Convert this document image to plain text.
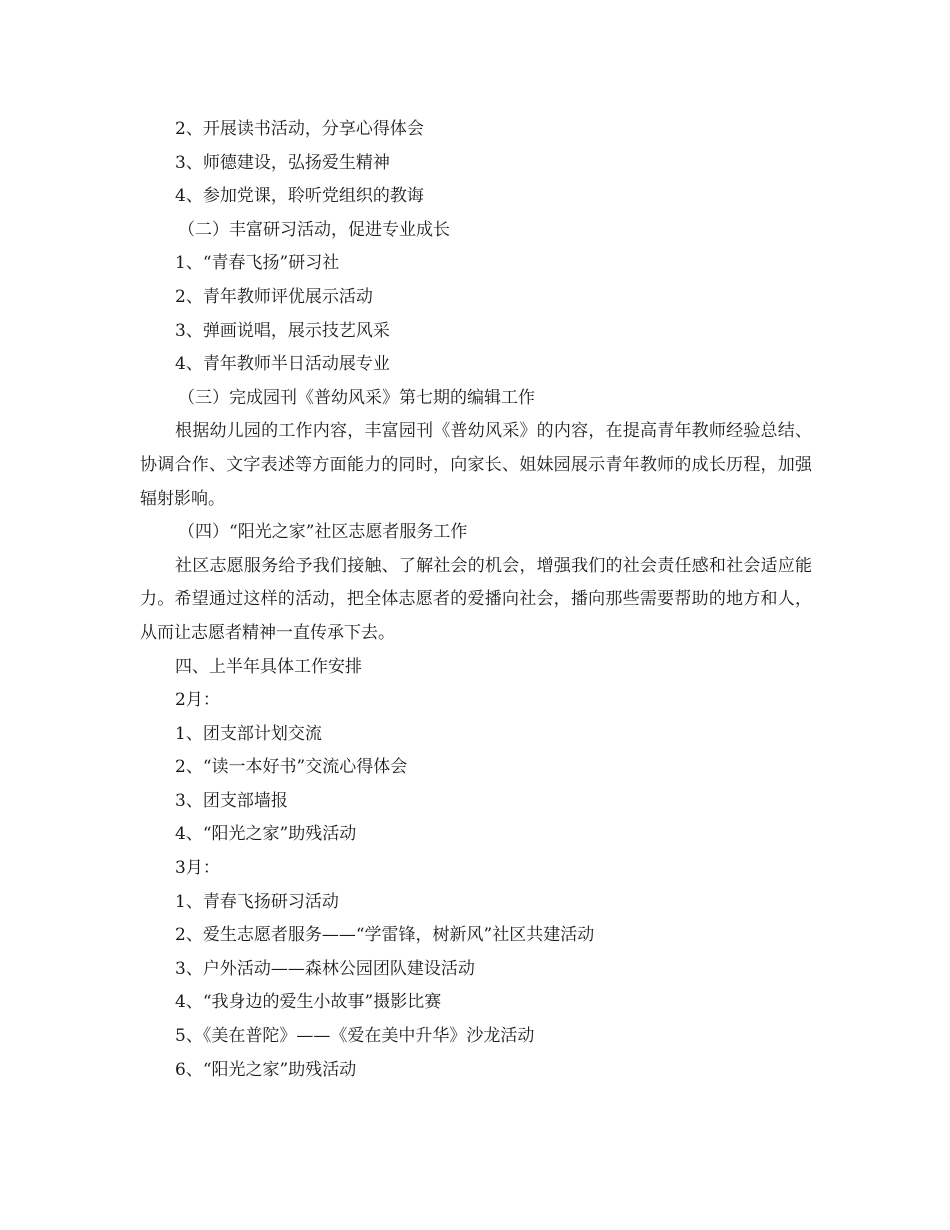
2、开展读书活动，分享心得体会
3、师德建设，弘扬爱生精神
4、参加党课，聆听党组织的教诲
（二）丰富研习活动，促进专业成长
1、“青春飞扬”研习社
2、青年教师评优展示活动
3、弹画说唱，展示技艺风采
4、青年教师半日活动展专业
（三）完成园刊《普幼风采》第七期的编辑工作
根据幼儿园的工作内容，丰富园刊《普幼风采》的内容，在提高青年教师经验总结、协调合作、文字表述等方面能力的同时，向家长、姐妹园展示青年教师的成长历程，加强辐射影响。
（四）“阳光之家”社区志愿者服务工作
社区志愿服务给予我们接触、了解社会的机会，增强我们的社会责任感和社会适应能力。希望通过这样的活动，把全体志愿者的爱播向社会，播向那些需要帮助的地方和人，从而让志愿者精神一直传承下去。
四、上半年具体工作安排
2月：
1、团支部计划交流
2、“读一本好书”交流心得体会
3、团支部墙报
4、“阳光之家”助残活动
3月：
1、青春飞扬研习活动
2、爱生志愿者服务——“学雷锋，树新风”社区共建活动
3、户外活动——森林公园团队建设活动
4、“我身边的爱生小故事”摄影比赛
5、《美在普陀》——《爱在美中升华》沙龙活动
6、“阳光之家”助残活动
